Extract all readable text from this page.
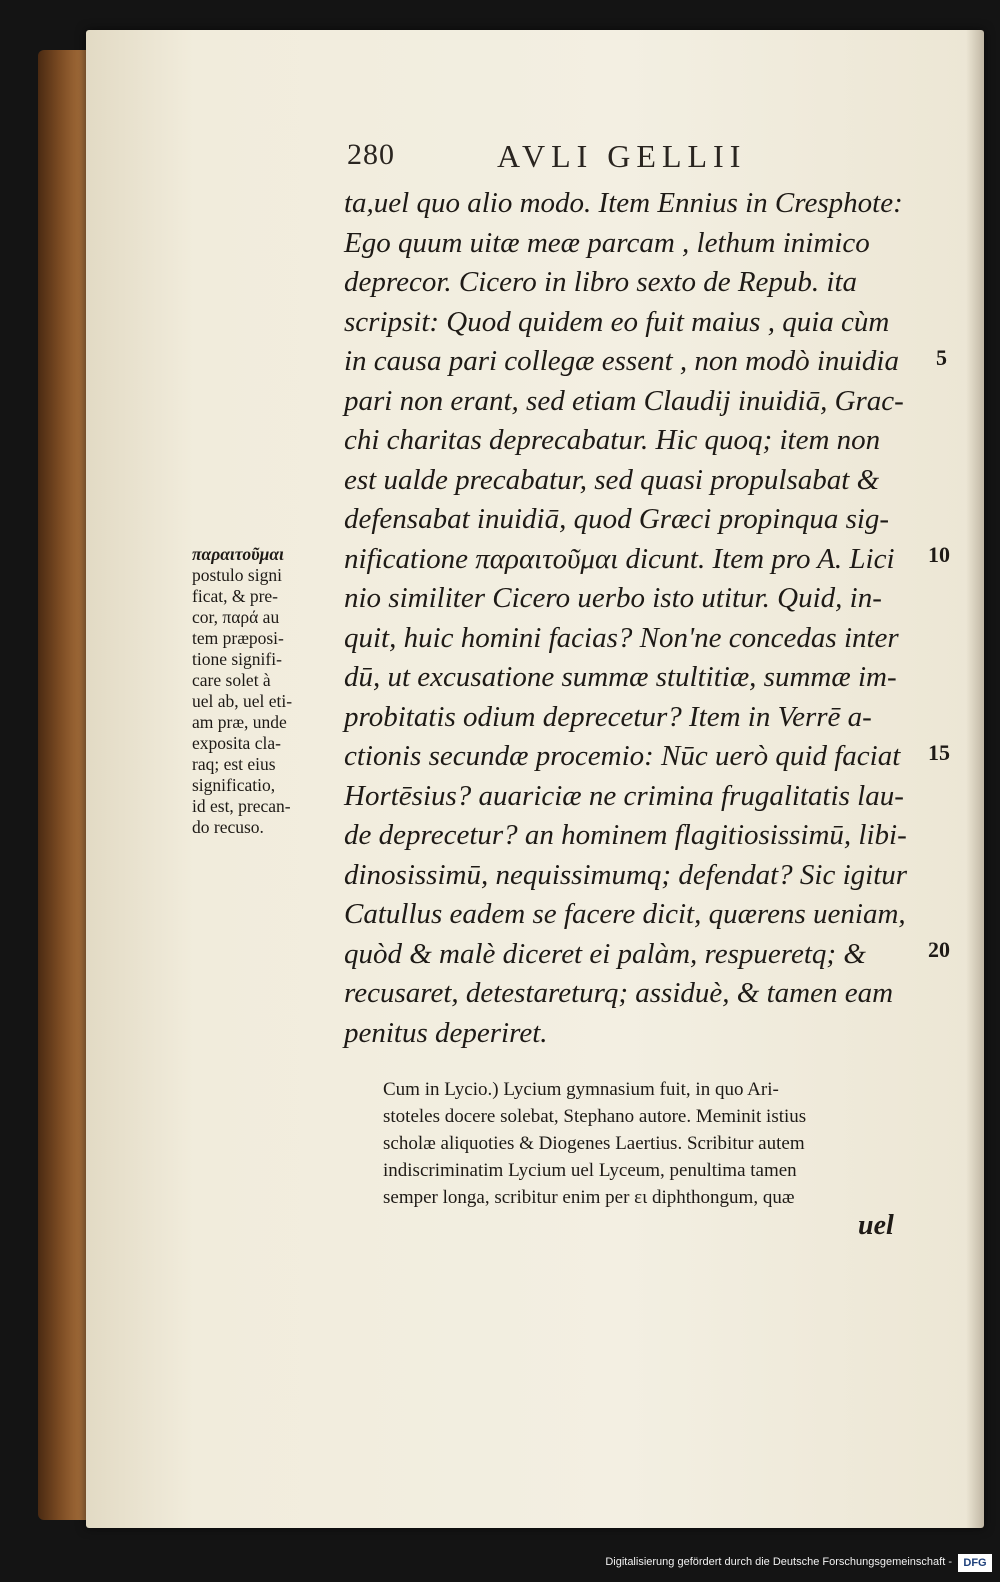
280	AVLI GELLII
ta,uel quo alio modo. Item Ennius in Cresphote:
Ego quum uitæ meæ parcam , lethum inimico
deprecor. Cicero in libro sexto de Repub. ita
scripsit: Quod quidem eo fuit maius , quia cùm
in causa pari collegæ essent , non modò inuidia
pari non erant, sed etiam Claudij inuidiā, Grac-
chi charitas deprecabatur. Hic quoq; item non
est ualde precabatur, sed quasi propulsabat &
defensabat inuidiā, quod Græci propinqua sig-
nificatione παραιτοῦμαι dicunt. Item pro A. Lici
nio similiter Cicero uerbo isto utitur. Quid, in-
quit, huic homini facias? Non'ne concedas inter
dū, ut excusatione summæ stultitiæ, summæ im-
probitatis odium deprecetur? Item in Verrē a-
ctionis secundæ procemio: Nūc uerò quid faciat
Hortēsius? auariciæ ne crimina frugalitatis lau-
de deprecetur? an hominem flagitiosissimū, libi-
dinosissimū, nequissimumq; defendat? Sic igitur
Catullus eadem se facere dicit, quærens ueniam,
quòd & malè diceret ei palàm, respueretq; &
recusaret, detestareturq; assiduè, & tamen eam
penitus deperiret.
5
10
15
20
παραιτοῦμαι
postulo signi
ficat, & pre-
cor, παρά au
tem præposi-
tione signifi-
care solet à
uel ab, uel eti-
am præ, unde
exposita cla-
raq; est eius
significatio,
id est, precan-
do recuso.
Cum in Lycio.) Lycium gymnasium fuit, in quo Ari-
stoteles docere solebat, Stephano autore. Meminit istius
scholæ aliquoties & Diogenes Laertius. Scribitur autem
indiscriminatim Lycium uel Lyceum, penultima tamen
semper longa, scribitur enim per ει diphthongum, quæ
uel
Digitalisierung gefördert durch die Deutsche Forschungsgemeinschaft -	DFG
